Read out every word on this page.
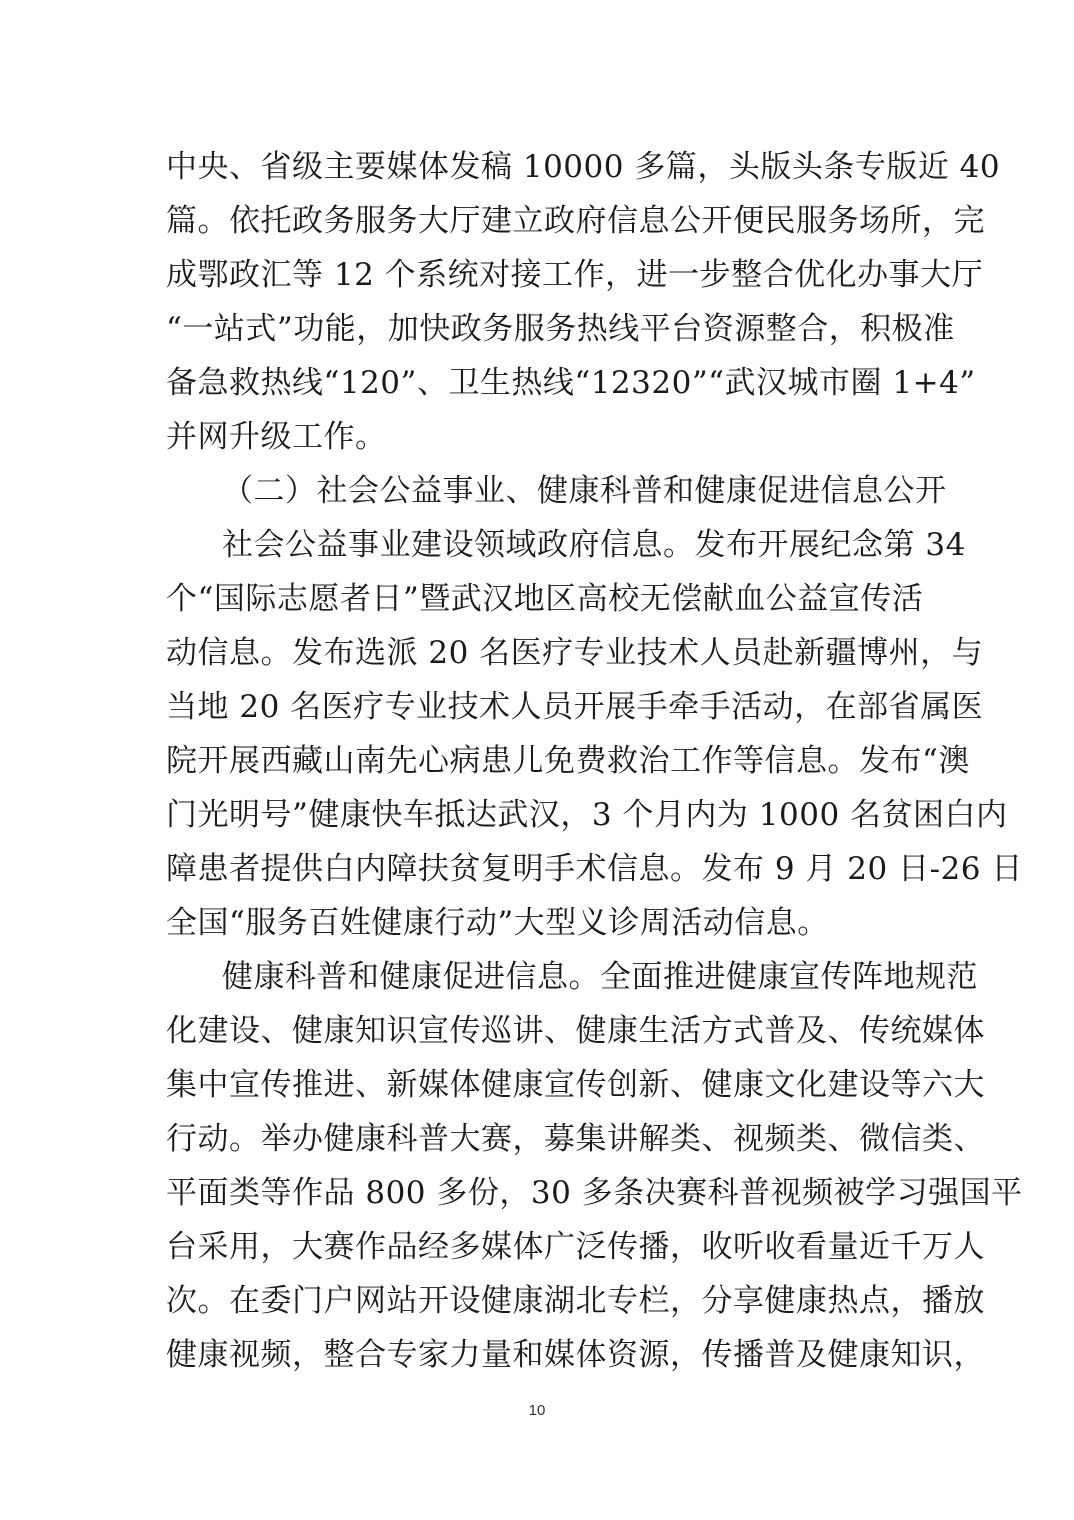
中央、省级主要媒体发稿 10000 多篇，头版头条专版近 40
篇。依托政务服务大厅建立政府信息公开便民服务场所，完
成鄂政汇等 12 个系统对接工作，进一步整合优化办事大厅
“一站式”功能，加快政务服务热线平台资源整合，积极准
备急救热线“120”、卫生热线“12320”“武汉城市圈 1+4”
并网升级工作。
（二）社会公益事业、健康科普和健康促进信息公开
社会公益事业建设领域政府信息。发布开展纪念第 34
个“国际志愿者日”暨武汉地区高校无偿献血公益宣传活
动信息。发布选派 20 名医疗专业技术人员赴新疆博州，与
当地 20 名医疗专业技术人员开展手牵手活动，在部省属医
院开展西藏山南先心病患儿免费救治工作等信息。发布“澳
门光明号”健康快车抵达武汉，3 个月内为 1000 名贫困白内
障患者提供白内障扶贫复明手术信息。发布 9 月 20 日-26 日
全国“服务百姓健康行动”大型义诊周活动信息。
健康科普和健康促进信息。全面推进健康宣传阵地规范
化建设、健康知识宣传巡讲、健康生活方式普及、传统媒体
集中宣传推进、新媒体健康宣传创新、健康文化建设等六大
行动。举办健康科普大赛，募集讲解类、视频类、微信类、
平面类等作品 800 多份，30 多条决赛科普视频被学习强国平
台采用，大赛作品经多媒体广泛传播，收听收看量近千万人
次。在委门户网站开设健康湖北专栏，分享健康热点，播放
健康视频，整合专家力量和媒体资源，传播普及健康知识，
10
